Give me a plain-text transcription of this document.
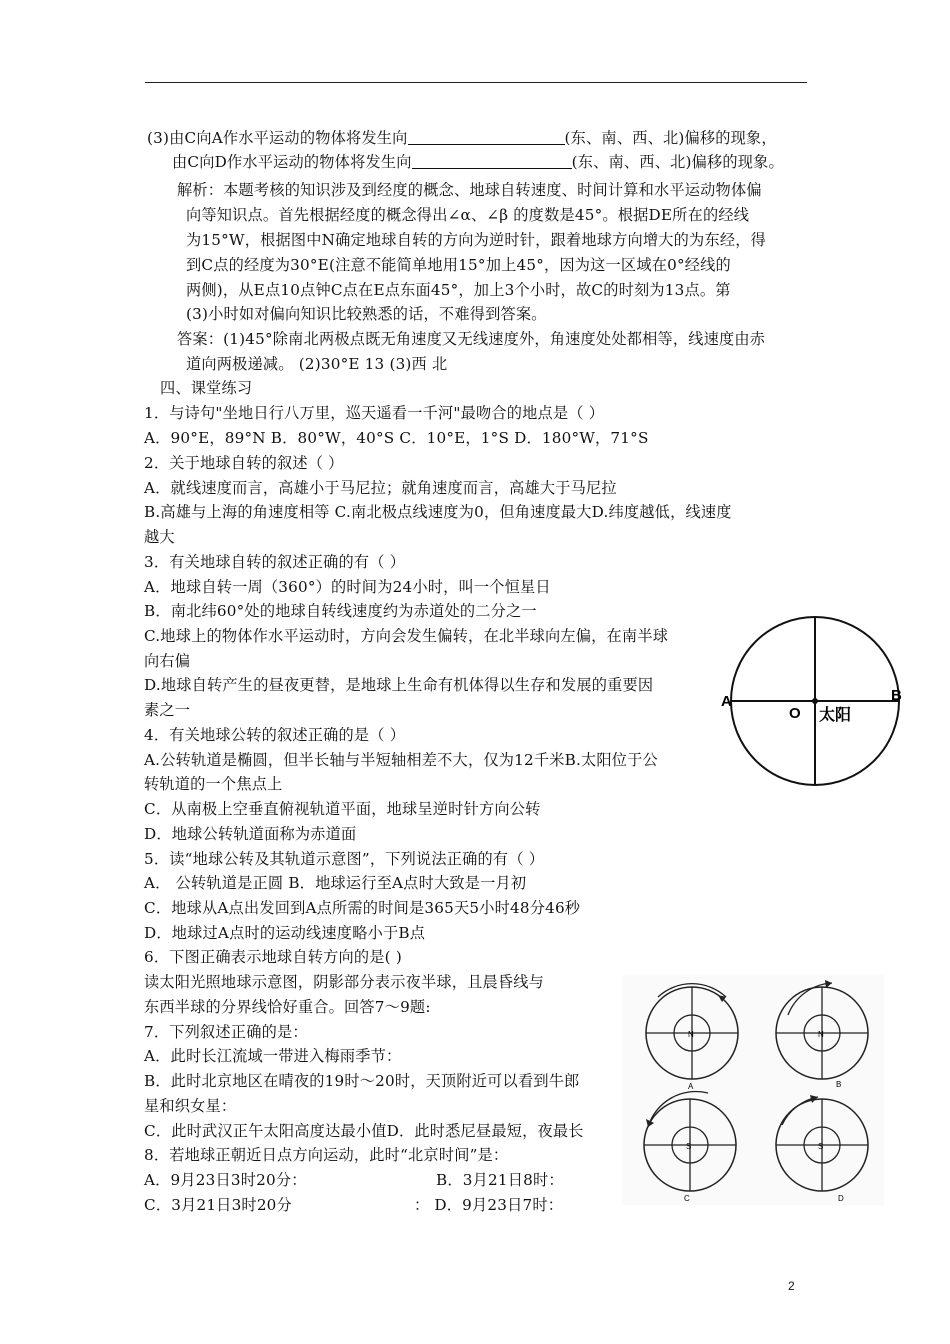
(3)由C向A作水平运动的物体将发生向	(东、南、西、北)偏移的现象，
由C向D作水平运动的物体将发生向	(东、南、西、北)偏移的现象。
解析：本题考核的知识涉及到经度的概念、地球自转速度、时间计算和水平运动物体偏
向等知识点。首先根据经度的概念得出∠α、∠β 的度数是45°。根据DE所在的经线
为15°W，根据图中N确定地球自转的方向为逆时针，跟着地球方向增大的为东经，得
到C点的经度为30°E(注意不能简单地用15°加上45°，因为这一区域在0°经线的
两侧)，从E点10点钟C点在E点东面45°，加上3个小时，故C的时刻为13点。第
(3)小时如对偏向知识比较熟悉的话，不难得到答案。
答案：(1)45°除南北两极点既无角速度又无线速度外，角速度处处都相等，线速度由赤
道向两极递减。 (2)30°E 13 (3)西 北
四、课堂练习
1．与诗句"坐地日行八万里，巡天遥看一千河"最吻合的地点是（ ）
A．90°E，89°N B．80°W，40°S C．10°E，1°S D．180°W，71°S
2．关于地球自转的叙述（ ）
A．就线速度而言，高雄小于马尼拉；就角速度而言，高雄大于马尼拉
B.高雄与上海的角速度相等 C.南北极点线速度为0，但角速度最大D.纬度越低，线速度
越大
3．有关地球自转的叙述正确的有（ ）
A．地球自转一周（360°）的时间为24小时，叫一个恒星日
B．南北纬60°处的地球自转线速度约为赤道处的二分之一
C.地球上的物体作水平运动时，方向会发生偏转，在北半球向左偏，在南半球
向右偏
D.地球自转产生的昼夜更替，是地球上生命有机体得以生存和发展的重要因
素之一
4．有关地球公转的叙述正确的是（ ）
A.公转轨道是椭圆，但半长轴与半短轴相差不大，仅为12千米B.太阳位于公
转轨道的一个焦点上
C．从南极上空垂直俯视轨道平面，地球呈逆时针方向公转
D．地球公转轨道面称为赤道面
5．读“地球公转及其轨道示意图”，下列说法正确的有（ ）
A． 公转轨道是正圆 B．地球运行至A点时大致是一月初
C．地球从A点出发回到A点所需的时间是365天5小时48分46秒
D．地球过A点时的运动线速度略小于B点
6．下图正确表示地球自转方向的是( )
读太阳光照地球示意图，阴影部分表示夜半球，且晨昏线与
东西半球的分界线恰好重合。回答7～9题:
7．下列叙述正确的是：
A．此时长江流域一带进入梅雨季节：
B．此时北京地区在晴夜的19时～20时，天顶附近可以看到牛郎
星和织女星：
C．此时武汉正午太阳高度达最小值D．此时悉尼昼最短，夜最长
8．若地球正朝近日点方向运动，此时“北京时间”是：
A．9月23日3时20分：	B．3月21日8时：
C．3月21日3时20分	： D．9月23日7时：
A	B
O 太阳
N	N
A	B
S	S
C	D
2
